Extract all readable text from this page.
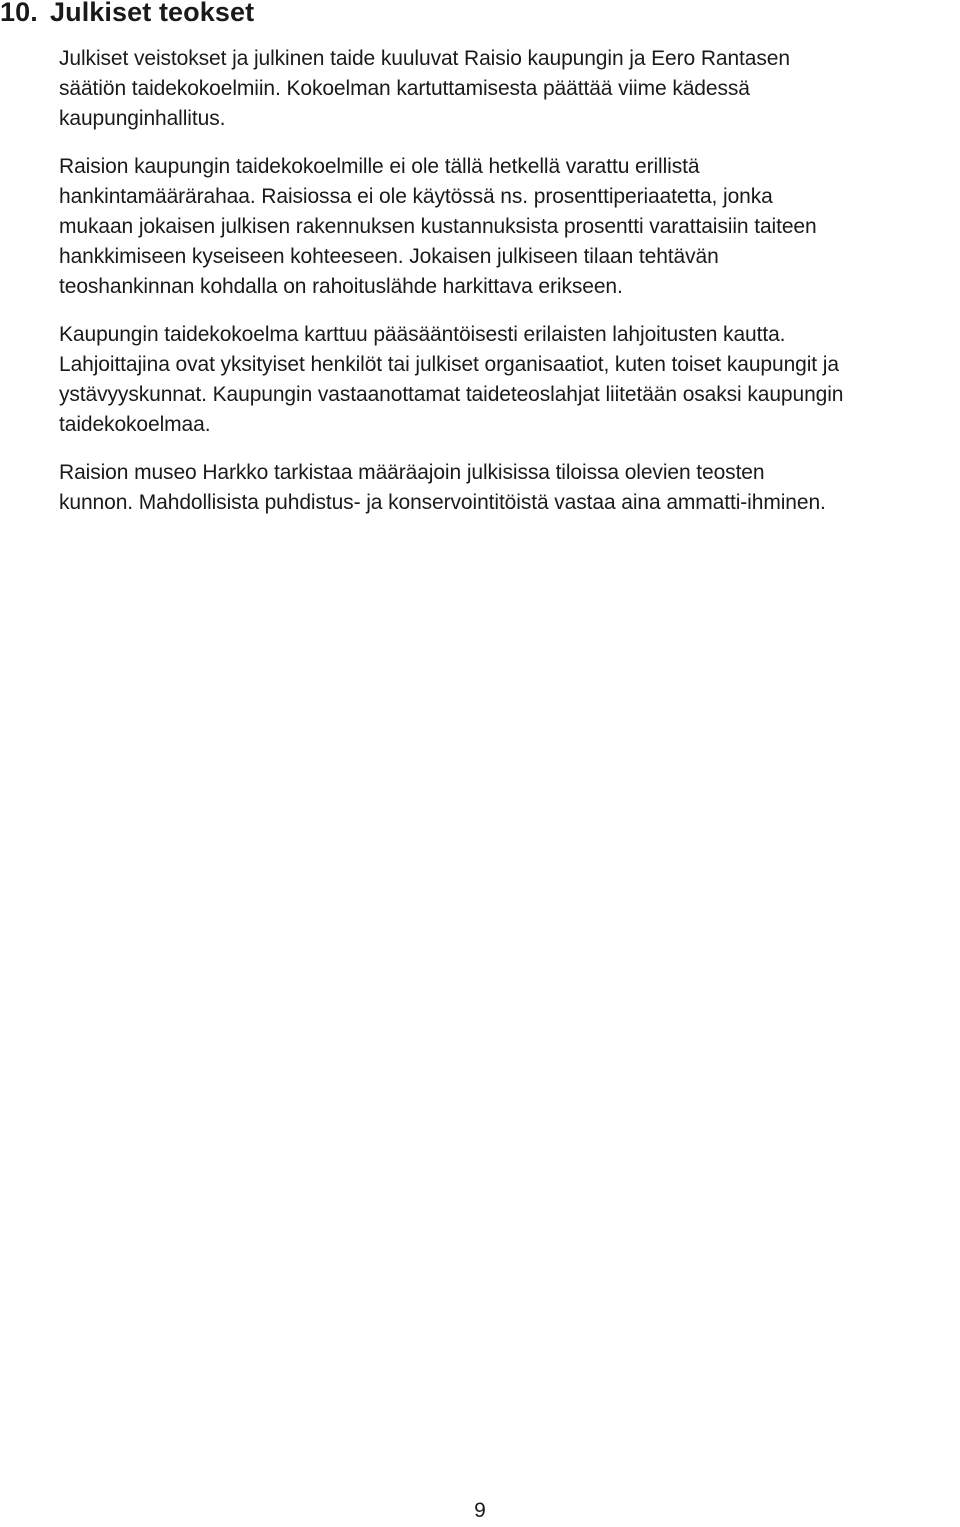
10. Julkiset teokset

Julkiset veistokset ja julkinen taide kuuluvat Raisio kaupungin ja Eero Rantasen
säätiön taidekokoelmiin. Kokoelman kartuttamisesta päättää viime kädessä
kaupunginhallitus.

Raision kaupungin taidekokoelmille ei ole tällä hetkellä varattu erillistä
hankintamäärärahaa. Raisiossa ei ole käytössä ns. prosenttiperiaatetta, jonka
mukaan jokaisen julkisen rakennuksen kustannuksista prosentti varattaisiin taiteen
hankkimiseen kyseiseen kohteeseen. Jokaisen julkiseen tilaan tehtävän
teoshankinnan kohdalla on rahoituslähde harkittava erikseen.

Kaupungin taidekokoelma karttuu pääsääntöisesti erilaisten lahjoitusten kautta.
Lahjoittajina ovat yksityiset henkilöt tai julkiset organisaatiot, kuten toiset kaupungit ja
ystävyyskunnat. Kaupungin vastaanottamat taideteoslahjat liitetään osaksi kaupungin
taidekokoelmaa.

Raision museo Harkko tarkistaa määräajoin julkisissa tiloissa olevien teosten
kunnon. Mahdollisista puhdistus- ja konservointitöistä vastaa aina ammatti-ihminen.

9
